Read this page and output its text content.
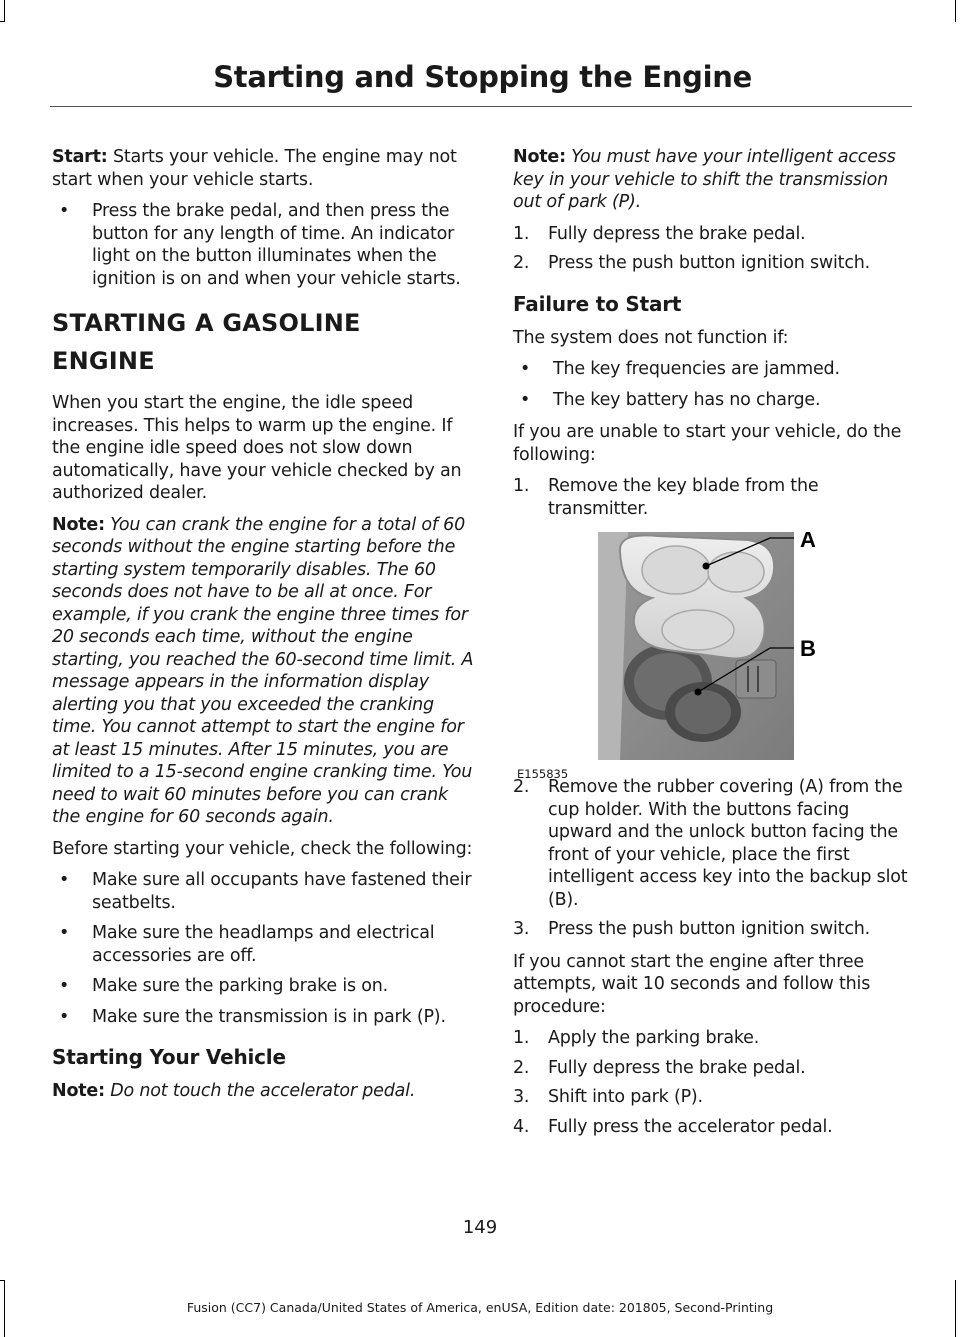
Starting and Stopping the Engine

Start: Starts your vehicle. The engine may not start when your vehicle starts.

• Press the brake pedal, and then press the button for any length of time. An indicator light on the button illuminates when the ignition is on and when your vehicle starts.
STARTING A GASOLINE
ENGINE

When you start the engine, the idle speed increases. This helps to warm up the engine. If the engine idle speed does not slow down automatically, have your vehicle checked by an authorized dealer.

Note: You can crank the engine for a total of 60 seconds without the engine starting before the starting system temporarily disables. The 60 seconds does not have to be all at once. For example, if you crank the engine three times for 20 seconds each time, without the engine starting, you reached the 60-second time limit. A message appears in the information display alerting you that you exceeded the cranking time. You cannot attempt to start the engine for at least 15 minutes. After 15 minutes, you are limited to a 15-second engine cranking time. You need to wait 60 minutes before you can crank the engine for 60 seconds again.

Before starting your vehicle, check the following:

• Make sure all occupants have fastened their seatbelts.
• Make sure the headlamps and electrical accessories are off.
• Make sure the parking brake is on.
• Make sure the transmission is in park (P).
Starting Your Vehicle

Note: Do not touch the accelerator pedal.

Note: You must have your intelligent access key in your vehicle to shift the transmission out of park (P).

1. Fully depress the brake pedal.
2. Press the push button ignition switch.
Failure to Start

The system does not function if:

• The key frequencies are jammed.
• The key battery has no charge.

If you are unable to start your vehicle, do the following:

1. Remove the key blade from the transmitter.
A
B
2. Remove the rubber covering (A) from the cup holder. With the buttons facing upward and the unlock button facing the front of your vehicle, place the first intelligent access key into the backup slot (B).
3. Press the push button ignition switch.

If you cannot start the engine after three attempts, wait 10 seconds and follow this procedure:

1. Apply the parking brake.
2. Fully depress the brake pedal.
3. Shift into park (P).
4. Fully press the accelerator pedal.
E155835
149
Fusion (CC7) Canada/United States of America, enUSA, Edition date: 201805, Second-Printing
